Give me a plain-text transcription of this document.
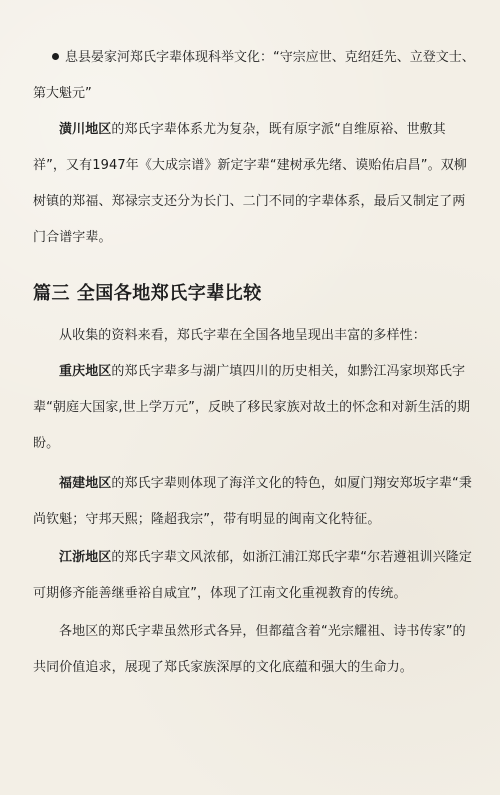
息县晏家河郑氏字辈体现科举文化：“守宗应世、克绍廷先、立登文士、
第大魁元”

潢川地区的郑氏字辈体系尤为复杂，既有原字派“自维原裕、世敷其祥”，又有1947年《大成宗谱》新定字辈“建树承先绪、谟贻佑启昌”。双柳树镇的郑福、郑禄宗支还分为长门、二门不同的字辈体系，最后又制定了两门合谱字辈。

篇三 全国各地郑氏字辈比较

从收集的资料来看，郑氏字辈在全国各地呈现出丰富的多样性：

重庆地区的郑氏字辈多与湖广填四川的历史相关，如黔江冯家坝郑氏字辈“朝庭大国家,世上学万元”，反映了移民家族对故土的怀念和对新生活的期盼。

福建地区的郑氏字辈则体现了海洋文化的特色，如厦门翔安郑坂字辈“秉尚钦魁；守邦天熙；隆超我宗”，带有明显的闽南文化特征。

江浙地区的郑氏字辈文风浓郁，如浙江浦江郑氏字辈“尔若遵祖训兴隆定可期修齐能善继垂裕自咸宜”，体现了江南文化重视教育的传统。

各地区的郑氏字辈虽然形式各异，但都蕴含着“光宗耀祖、诗书传家”的共同价值追求，展现了郑氏家族深厚的文化底蕴和强大的生命力。
